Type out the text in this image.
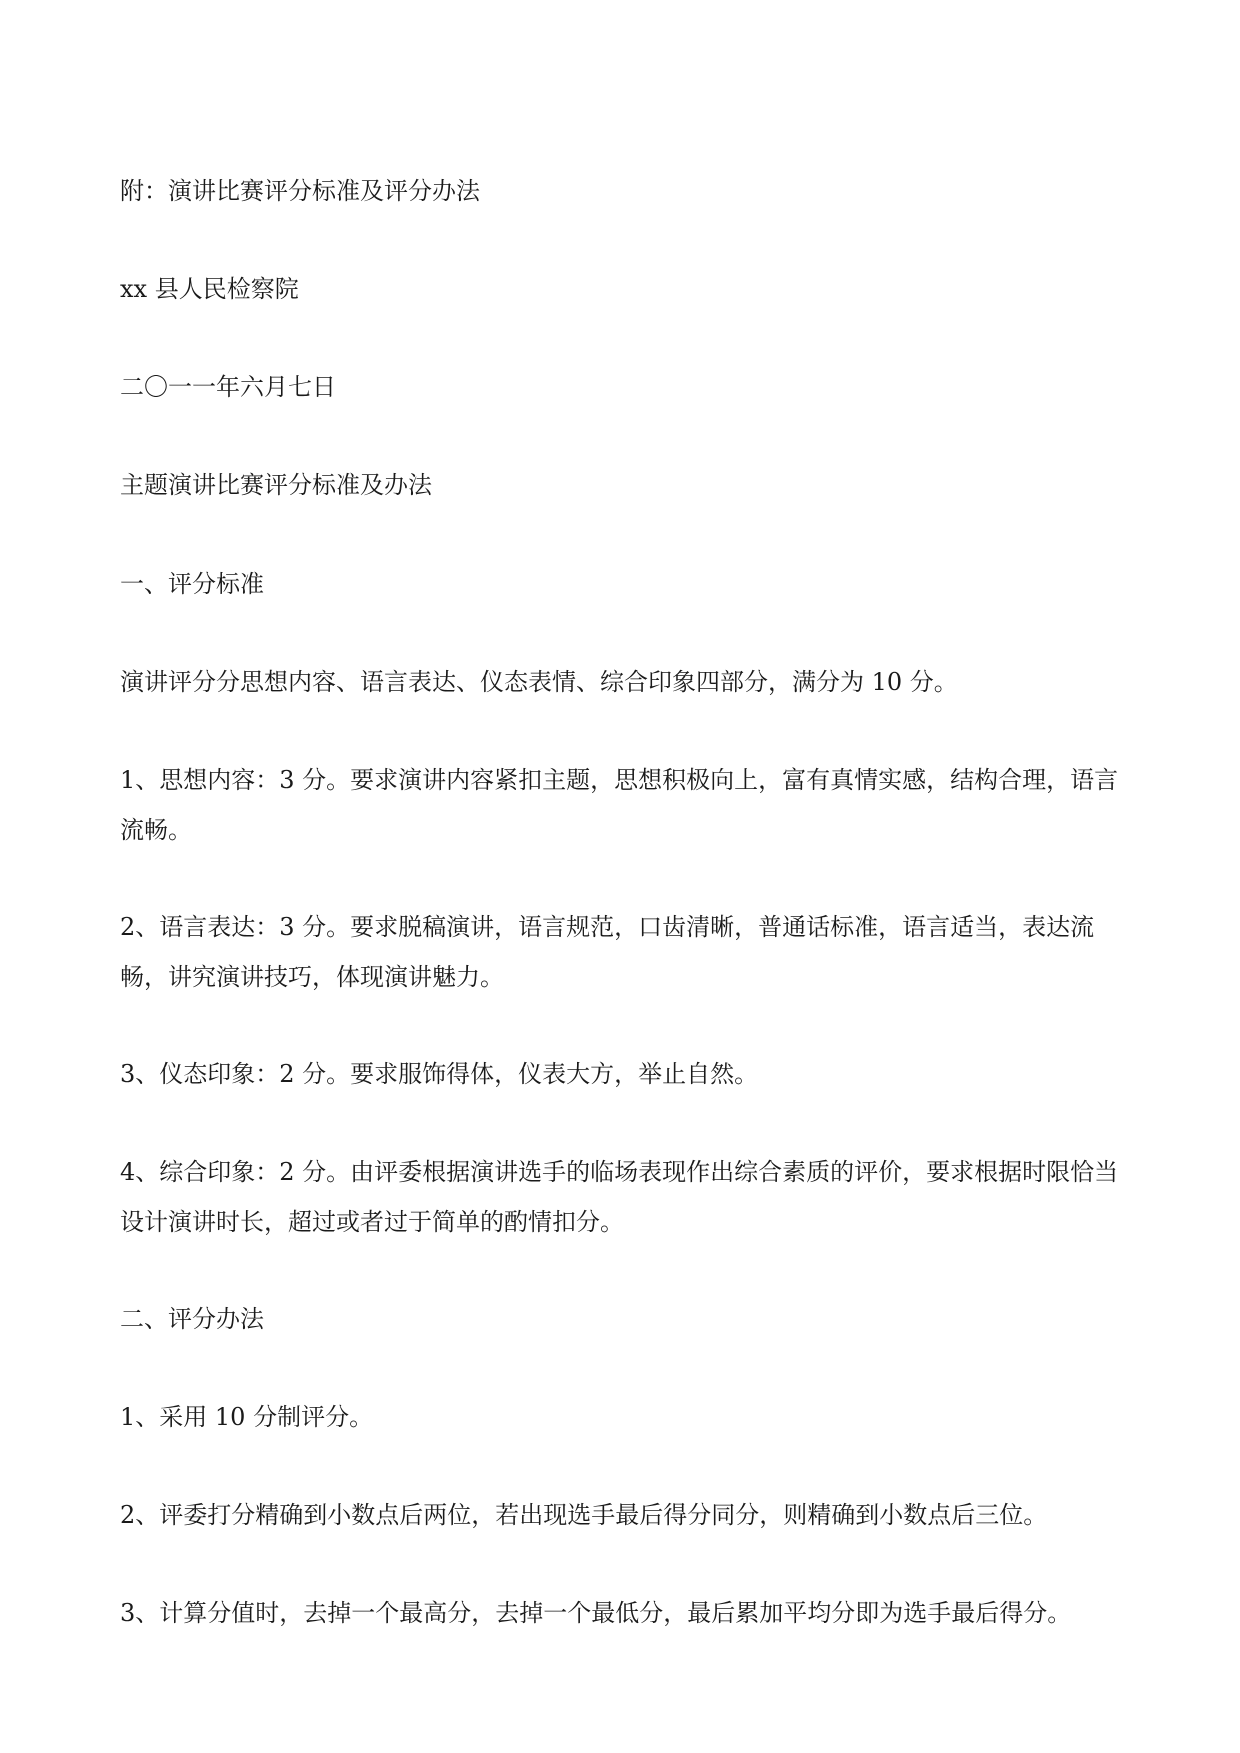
附：演讲比赛评分标准及评分办法

xx 县人民检察院

二〇一一年六月七日

主题演讲比赛评分标准及办法

一、评分标准

演讲评分分思想内容、语言表达、仪态表情、综合印象四部分，满分为 10 分。

1、思想内容：3 分。要求演讲内容紧扣主题，思想积极向上，富有真情实感，结构合理，语言流畅。

2、语言表达：3 分。要求脱稿演讲，语言规范，口齿清晰，普通话标准，语言适当，表达流畅，讲究演讲技巧，体现演讲魅力。

3、仪态印象：2 分。要求服饰得体，仪表大方，举止自然。

4、综合印象：2 分。由评委根据演讲选手的临场表现作出综合素质的评价，要求根据时限恰当设计演讲时长，超过或者过于简单的酌情扣分。

二、评分办法

1、采用 10 分制评分。

2、评委打分精确到小数点后两位，若出现选手最后得分同分，则精确到小数点后三位。

3、计算分值时，去掉一个最高分，去掉一个最低分，最后累加平均分即为选手最后得分。
